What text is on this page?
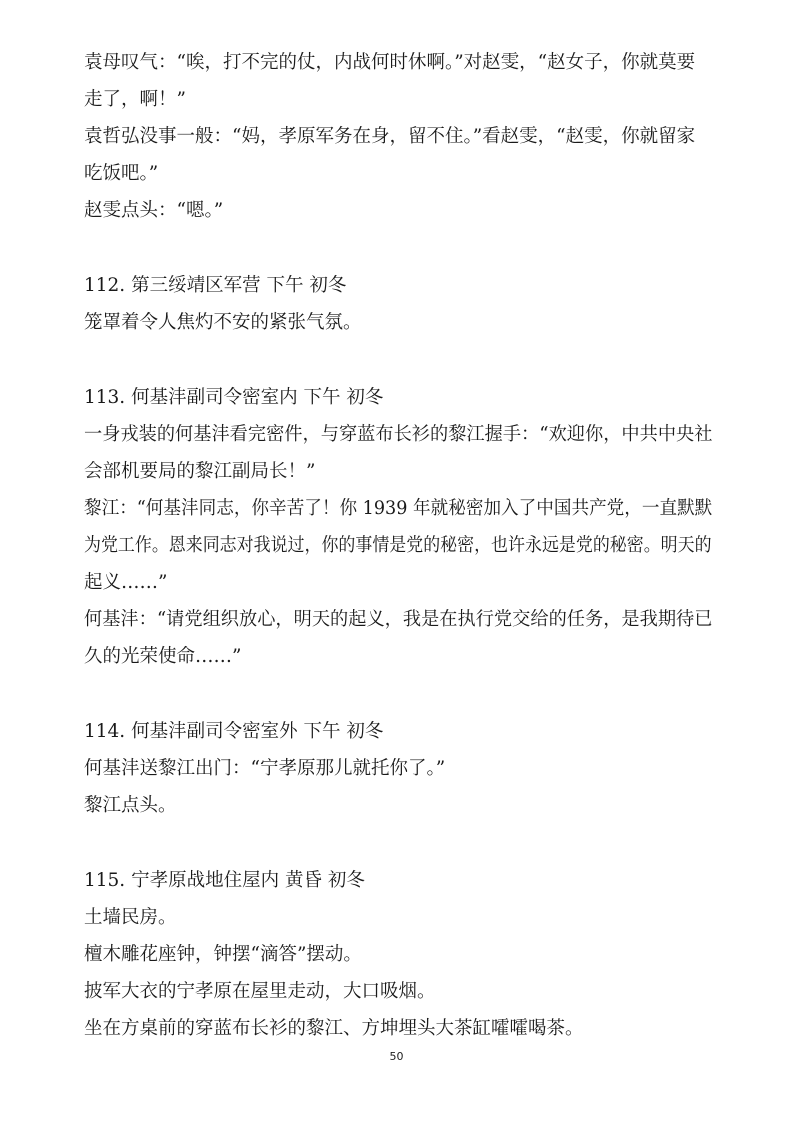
袁母叹气：“唉，打不完的仗，内战何时休啊。”对赵雯，“赵女子，你就莫要
走了，啊！”
袁哲弘没事一般：“妈，孝原军务在身，留不住。”看赵雯，“赵雯，你就留家
吃饭吧。”
赵雯点头：“嗯。”
112. 第三绥靖区军营 下午 初冬
笼罩着令人焦灼不安的紧张气氛。
113. 何基沣副司令密室内 下午 初冬
一身戎装的何基沣看完密件，与穿蓝布长衫的黎江握手：“欢迎你，中共中央社
会部机要局的黎江副局长！”
黎江：“何基沣同志，你辛苦了！你 1939 年就秘密加入了中国共产党，一直默默
为党工作。恩来同志对我说过，你的事情是党的秘密，也许永远是党的秘密。明天的
起义……”
何基沣：“请党组织放心，明天的起义，我是在执行党交给的任务，是我期待已
久的光荣使命……”
114. 何基沣副司令密室外 下午 初冬
何基沣送黎江出门：“宁孝原那儿就托你了。”
黎江点头。
115. 宁孝原战地住屋内 黄昏 初冬
土墙民房。
檀木雕花座钟，钟摆“滴答”摆动。
披军大衣的宁孝原在屋里走动，大口吸烟。
坐在方桌前的穿蓝布长衫的黎江、方坤埋头大茶缸嚯嚯喝茶。
50
